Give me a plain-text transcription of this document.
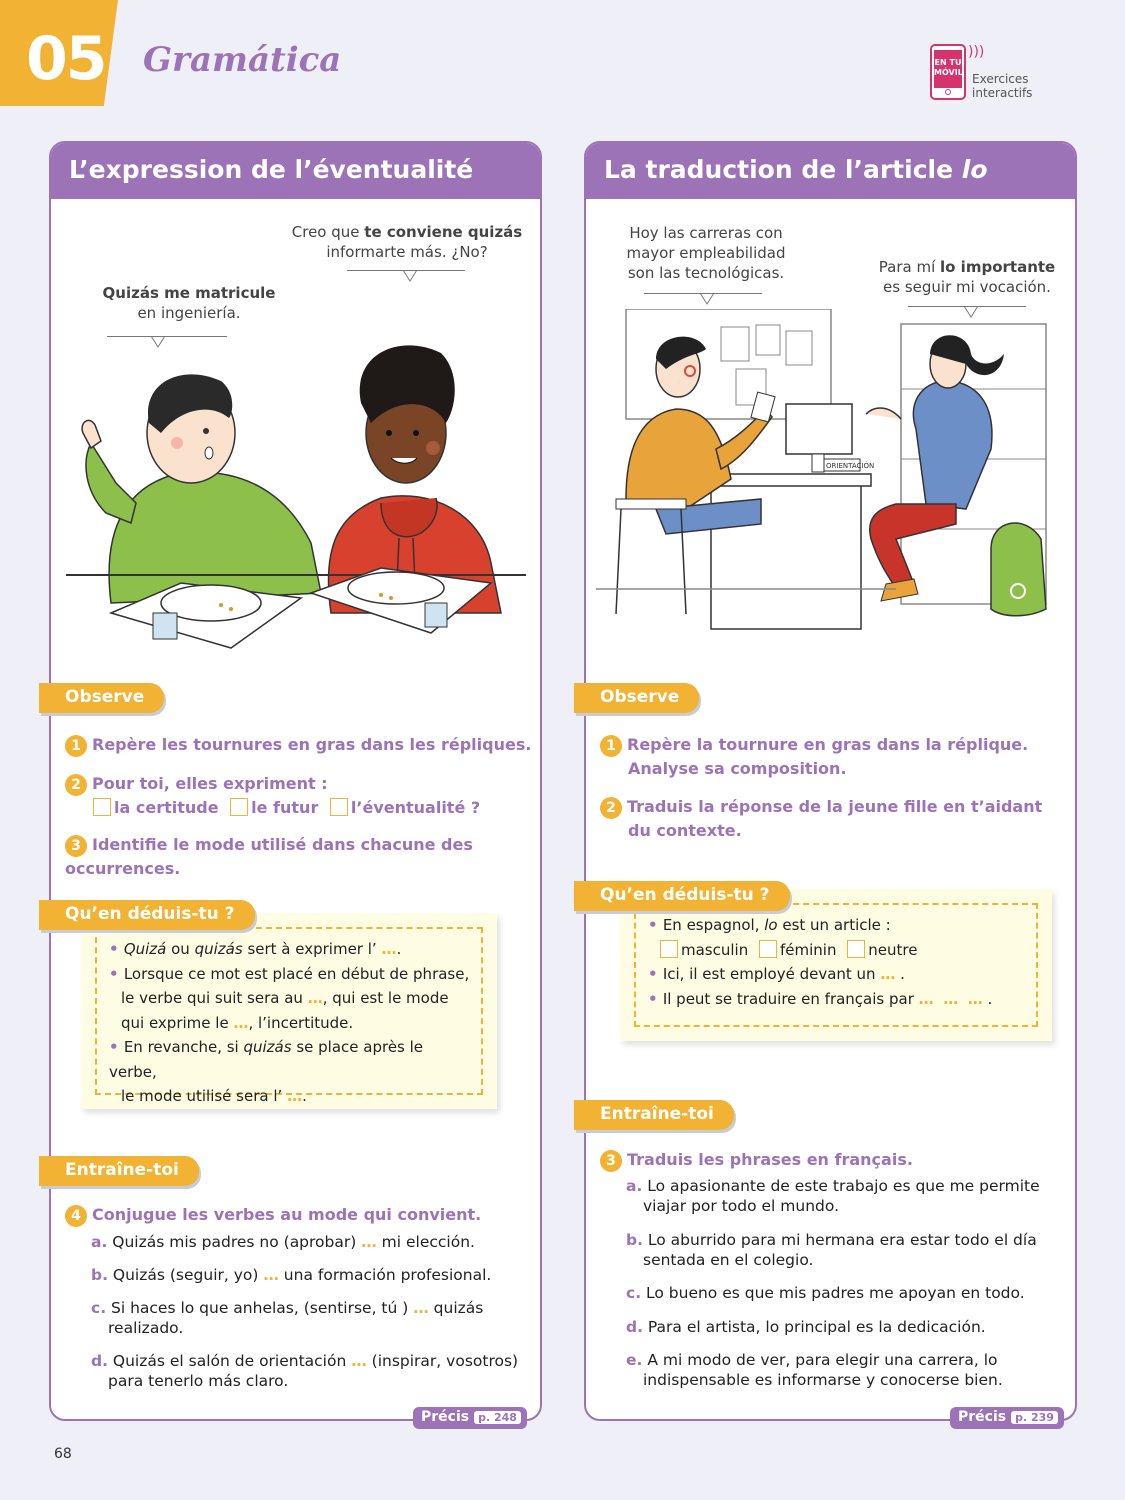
05 Gramática	EN TU MÓVIL
)))
Exercices
interactifs
L’expression de l’éventualité
Quizás me matricule
en ingeniería.
Creo que te conviene quizás
informarte más. ¿No?
Observe
1 Repère les tournures en gras dans les répliques.
2 Pour toi, elles expriment :
la certitude le futur l’éventualité ?
3 Identifie le mode utilisé dans chacune des occurrences.
• Quizá ou quizás sert à exprimer l’ ….
• Lorsque ce mot est placé en début de phrase,
le verbe qui suit sera au …, qui est le mode
qui exprime le …, l’incertitude.
• En revanche, si quizás se place après le verbe,
le mode utilisé sera l’ ….
Qu’en déduis-tu ?
Entraîne-toi
4 Conjugue les verbes au mode qui convient.
a. Quizás mis padres no (aprobar) … mi elección.
b. Quizás (seguir, yo) … una formación profesional.
c. Si haces lo que anhelas, (sentirse, tú ) … quizás
realizado.
d. Quizás el salón de orientación … (inspirar, vosotros)
para tenerlo más claro.
Précis p. 248
La traduction de l’article lo
Hoy las carreras con
mayor empleabilidad
son las tecnológicas.	Para mí lo importante
es seguir mi vocación.
ORIENTACIÓN
Observe
1 Repère la tournure en gras dans la réplique.
Analyse sa composition.
2 Traduis la réponse de la jeune fille en t’aidant
du contexte.
• En espagnol, lo est un article :
masculin féminin neutre
• Ici, il est employé devant un … .
• Il peut se traduire en français par … … … .
Qu’en déduis-tu ?
Entraîne-toi
3 Traduis les phrases en français.
a. Lo apasionante de este trabajo es que me permite
viajar por todo el mundo.
b. Lo aburrido para mi hermana era estar todo el día
sentada en el colegio.
c. Lo bueno es que mis padres me apoyan en todo.
d. Para el artista, lo principal es la dedicación.
e. A mi modo de ver, para elegir una carrera, lo
indispensable es informarse y conocerse bien.
Précis p. 239
68
